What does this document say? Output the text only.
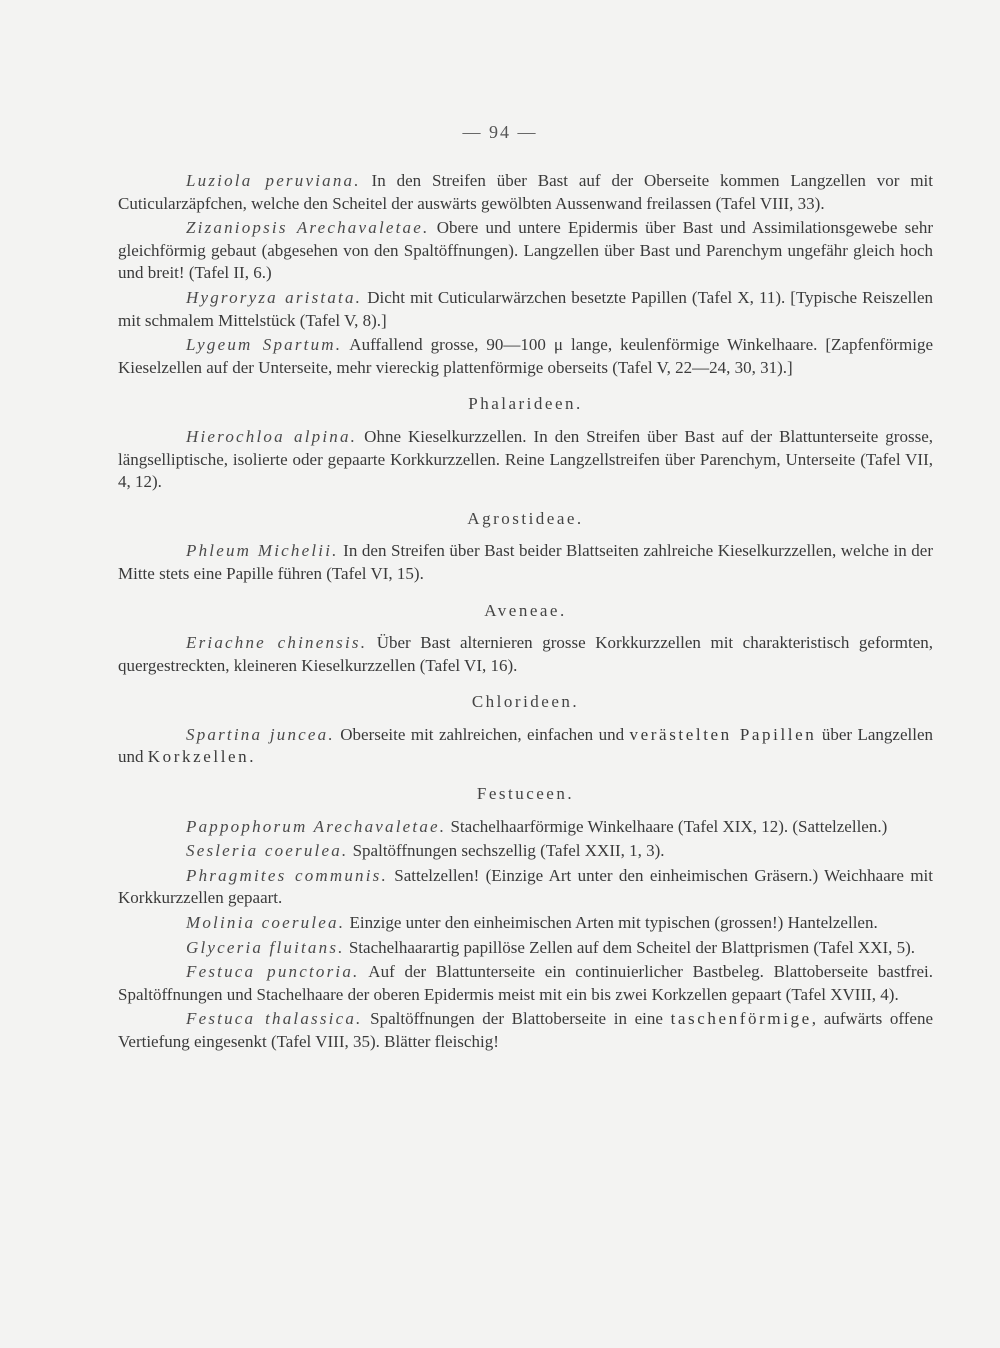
— 94 —

Luziola peruviana. In den Streifen über Bast auf der Oberseite kommen Langzellen vor mit Cuticularzäpfchen, welche den Scheitel der auswärts gewölbten Aussenwand freilassen (Tafel VIII, 33).

Zizaniopsis Arechavaletae. Obere und untere Epidermis über Bast und Assimilationsgewebe sehr gleichförmig gebaut (abgesehen von den Spaltöffnungen). Langzellen über Bast und Parenchym ungefähr gleich hoch und breit! (Tafel II, 6.)

Hygroryza aristata. Dicht mit Cuticularwärzchen besetzte Papillen (Tafel X, 11). [Typische Reiszellen mit schmalem Mittelstück (Tafel V, 8).]

Lygeum Spartum. Auffallend grosse, 90—100 μ lange, keulenförmige Winkelhaare. [Zapfenförmige Kieselzellen auf der Unterseite, mehr viereckig plattenförmige oberseits (Tafel V, 22—24, 30, 31).]

Phalarideen.

Hierochloa alpina. Ohne Kieselkurzzellen. In den Streifen über Bast auf der Blattunterseite grosse, längselliptische, isolierte oder gepaarte Korkkurzzellen. Reine Langzellstreifen über Parenchym, Unterseite (Tafel VII, 4, 12).

Agrostideae.

Phleum Michelii. In den Streifen über Bast beider Blattseiten zahlreiche Kieselkurzzellen, welche in der Mitte stets eine Papille führen (Tafel VI, 15).

Aveneae.

Eriachne chinensis. Über Bast alternieren grosse Korkkurzzellen mit charakteristisch geformten, quergestreckten, kleineren Kieselkurzzellen (Tafel VI, 16).

Chlorideen.

Spartina juncea. Oberseite mit zahlreichen, einfachen und verästelten Papillen über Langzellen und Korkzellen.

Festuceen.

Pappophorum Arechavaletae. Stachelhaarförmige Winkelhaare (Tafel XIX, 12). (Sattelzellen.)

Sesleria coerulea. Spaltöffnungen sechszellig (Tafel XXII, 1, 3).

Phragmites communis. Sattelzellen! (Einzige Art unter den einheimischen Gräsern.) Weichhaare mit Korkkurzzellen gepaart.

Molinia coerulea. Einzige unter den einheimischen Arten mit typischen (grossen!) Hantelzellen.

Glyceria fluitans. Stachelhaarartig papillöse Zellen auf dem Scheitel der Blattprismen (Tafel XXI, 5).

Festuca punctoria. Auf der Blattunterseite ein continuierlicher Bastbeleg. Blattoberseite bastfrei. Spaltöffnungen und Stachelhaare der oberen Epidermis meist mit ein bis zwei Korkzellen gepaart (Tafel XVIII, 4).

Festuca thalassica. Spaltöffnungen der Blattoberseite in eine taschenförmige, aufwärts offene Vertiefung eingesenkt (Tafel VIII, 35). Blätter fleischig!
